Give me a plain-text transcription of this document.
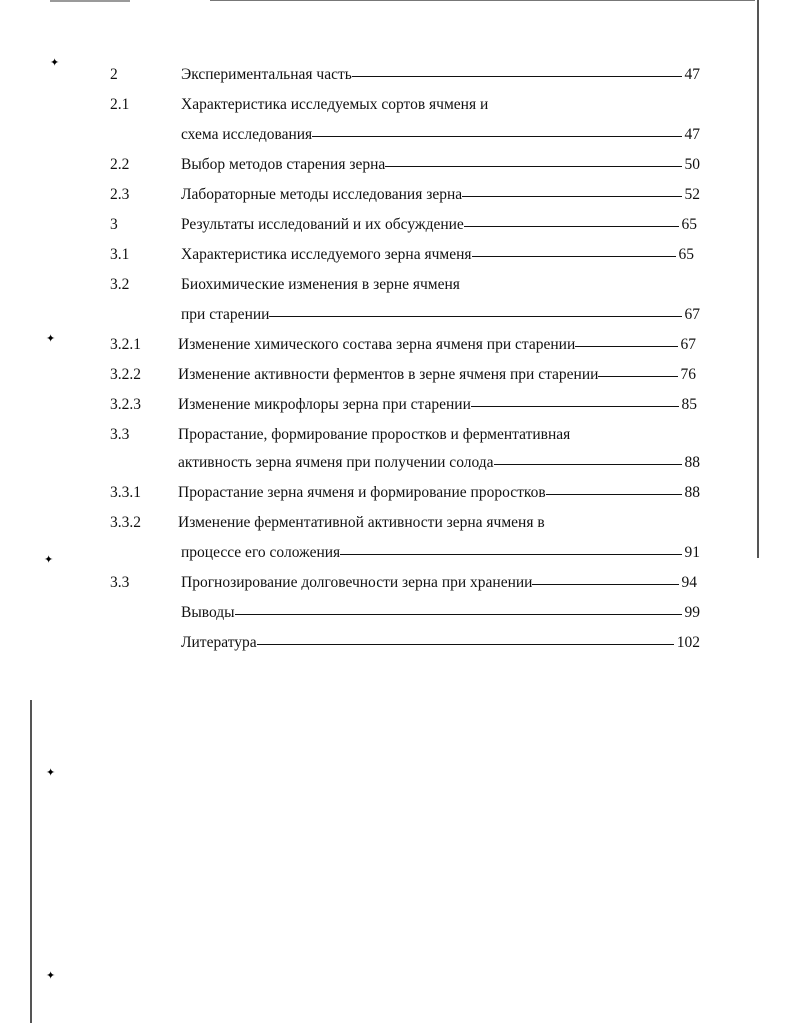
✦
✦
✦
✦
✦
2	Экспериментальная часть	47
2.1	Характеристика исследуемых сортов ячменя и
схема исследования	47
2.2	Выбор методов старения зерна	50
2.3	Лабораторные методы исследования зерна	52
3	Результаты исследований и их обсуждение	65
3.1	Характеристика исследуемого зерна ячменя	65
3.2	Биохимические изменения в зерне ячменя
при старении	67
3.2.1 Изменение химического состава зерна ячменя при старении	67
3.2.2 Изменение активности ферментов в зерне ячменя при старении	76
3.2.3 Изменение микрофлоры зерна при старении	85
3.3	Прорастание, формирование проростков и ферментативная
активность зерна ячменя при получении солода	88
3.3.1 Прорастание зерна ячменя и формирование проростков	88
3.3.2 Изменение ферментативной активности зерна ячменя в
процессе его соложения	91
3.3	Прогнозирование долговечности зерна при хранении	94
Выводы	99
Литература	102
